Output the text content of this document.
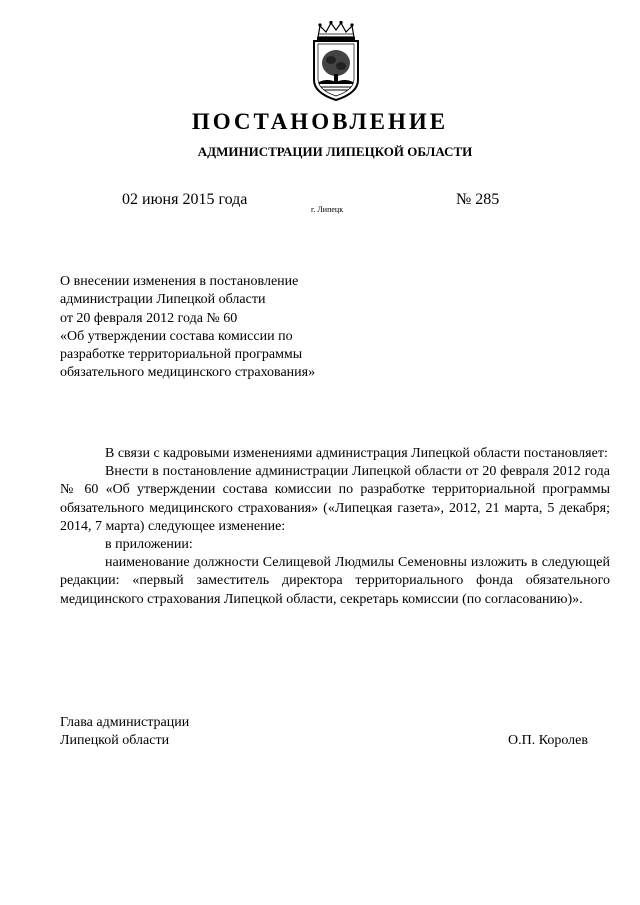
ПОСТАНОВЛЕНИЕ
АДМИНИСТРАЦИИ ЛИПЕЦКОЙ ОБЛАСТИ
02 июня 2015 года
г. Липецк
№ 285
О внесении изменения в постановление
администрации Липецкой области
от 20 февраля 2012 года № 60
«Об утверждении состава комиссии по
разработке территориальной программы
обязательного медицинского страхования»

В связи с кадровыми изменениями администрация Липецкой области постановляет:

Внести в постановление администрации Липецкой области от 20 февраля 2012 года № 60 «Об утверждении состава комиссии по разработке территориальной программы обязательного медицинского страхования» («Липецкая газета», 2012, 21 марта, 5 декабря; 2014, 7 марта) следующее изменение:

в приложении:

наименование должности Селищевой Людмилы Семеновны изложить в следующей редакции: «первый заместитель директора территориального фонда обязательного медицинского страхования Липецкой области, секретарь комиссии (по согласованию)».

Глава администрации
Липецкой области	О.П. Королев
